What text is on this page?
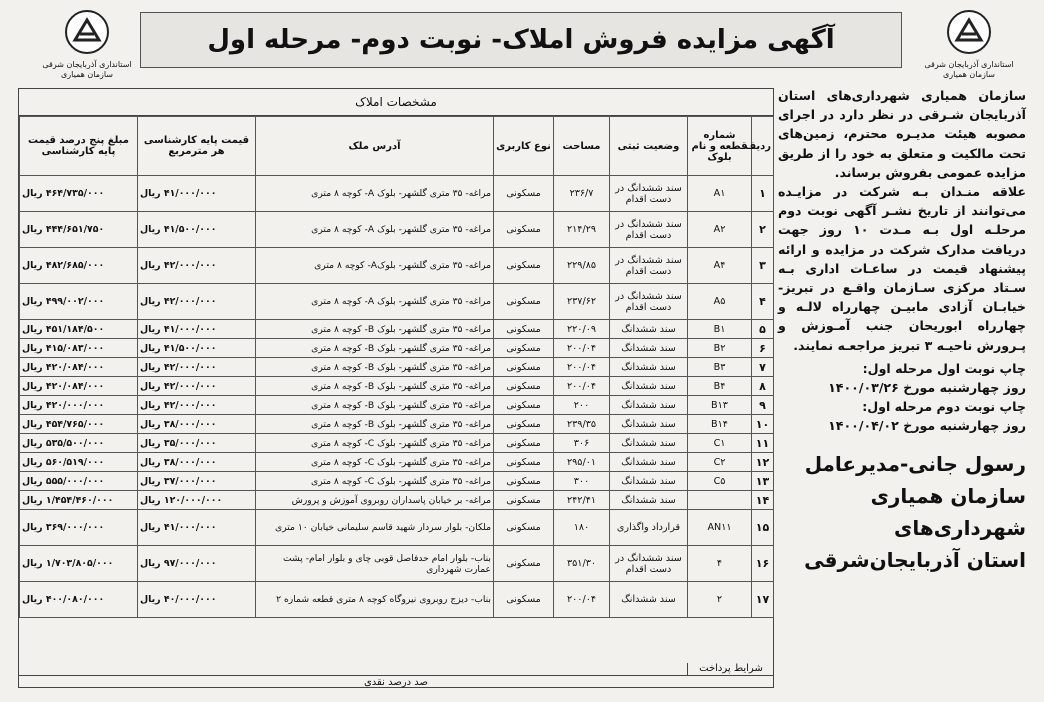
استانداری آذربایجان شرقی
سازمان همیاری
استانداری آذربایجان شرقی
سازمان همیاری
آگهی مزایده فروش املاک- نوبت دوم- مرحله اول

سازمان همیاری شهرداری‌های استان آذربایجان شـرقی در نظر دارد در اجرای مصوبه هیئت مدیـره محترم، زمین‌های تحت مالکیت و متعلق به خود را از طریق مزایده عمومی بفروش برساند.

علاقه منـدان بـه شرکت در مزایـده می‌توانند از تاریخ نشـر آگهی نوبت دوم مرحلـه اول بـه مـدت ۱۰ روز جهت دریافت مدارک شرکت در مزایده و ارائه پیشنهاد قیمت در ساعـات اداری بـه سـتاد مرکزی سـازمان واقـع در تبریز- خیابـان آزادی مابیـن چهارراه لالـه و چهارراه ابوریحان جنب آمـوزش و پـرورش ناحیـه ۳ تبریز مراجعـه نمایند.

چاپ نوبت اول مرحله اول:
روز چهارشنبه مورخ ۱۴۰۰/۰۳/۲۶
چاپ نوبت دوم مرحله اول:
روز چهارشنبه مورخ ۱۴۰۰/۰۴/۰۲
رسول جانی-مدیرعامل
سازمان همیاری شهرداری‌های
استان آذربایجان‌شرقی
مشخصات املاک
ردیف	شماره قطعه و نام بلوک	وضعیت ثبتی	مساحت	نوع کاربری	آدرس ملک	قیمت پایه کارشناسی هر مترمربع	مبلغ پنج درصد قیمت پایه کارشناسی
۱	A۱	سند ششدانگ در دست اقدام	۲۳۶/۷	مسکونی	مراغه- ۳۵ متری گلشهر- بلوک A- کوچه ۸ متری	۴۱/۰۰۰/۰۰۰ ریال	۴۶۴/۷۳۵/۰۰۰ ریال
۲	A۲	سند ششدانگ در دست اقدام	۲۱۴/۲۹	مسکونی	مراغه- ۳۵ متری گلشهر- بلوک A- کوچه ۸ متری	۴۱/۵۰۰/۰۰۰ ریال	۴۴۴/۶۵۱/۷۵۰ ریال
۳	A۴	سند ششدانگ در دست اقدام	۲۲۹/۸۵	مسکونی	مراغه- ۳۵ متری گلشهر- بلوکA- کوچه ۸ متری	۴۲/۰۰۰/۰۰۰ ریال	۴۸۲/۶۸۵/۰۰۰ ریال
۴	A۵	سند ششدانگ در دست اقدام	۲۳۷/۶۲	مسکونی	مراغه- ۳۵ متری گلشهر- بلوک A- کوچه ۸ متری	۴۲/۰۰۰/۰۰۰ ریال	۴۹۹/۰۰۲/۰۰۰ ریال
۵	B۱	سند ششدانگ	۲۲۰/۰۹	مسکونی	مراغه- ۳۵ متری گلشهر- بلوک B- کوچه ۸ متری	۴۱/۰۰۰/۰۰۰ ریال	۴۵۱/۱۸۴/۵۰۰ ریال
۶	B۲	سند ششدانگ	۲۰۰/۰۴	مسکونی	مراغه- ۳۵ متری گلشهر- بلوک B- کوچه ۸ متری	۴۱/۵۰۰/۰۰۰ ریال	۴۱۵/۰۸۳/۰۰۰ ریال
۷	B۳	سند ششدانگ	۲۰۰/۰۴	مسکونی	مراغه- ۳۵ متری گلشهر- بلوک B- کوچه ۸ متری	۴۲/۰۰۰/۰۰۰ ریال	۴۲۰/۰۸۴/۰۰۰ ریال
۸	B۴	سند ششدانگ	۲۰۰/۰۴	مسکونی	مراغه- ۳۵ متری گلشهر- بلوک B- کوچه ۸ متری	۴۲/۰۰۰/۰۰۰ ریال	۴۲۰/۰۸۴/۰۰۰ ریال
۹	B۱۳	سند ششدانگ	۲۰۰	مسکونی	مراغه- ۳۵ متری گلشهر- بلوک B- کوچه ۸ متری	۴۲/۰۰۰/۰۰۰ ریال	۴۲۰/۰۰۰/۰۰۰ ریال
۱۰	B۱۴	سند ششدانگ	۲۳۹/۳۵	مسکونی	مراغه- ۳۵ متری گلشهر- بلوک B- کوچه ۸ متری	۳۸/۰۰۰/۰۰۰ ریال	۴۵۴/۷۶۵/۰۰۰ ریال
۱۱	C۱	سند ششدانگ	۳۰۶	مسکونی	مراغه- ۳۵ متری گلشهر- بلوک C- کوچه ۸ متری	۳۵/۰۰۰/۰۰۰ ریال	۵۳۵/۵۰۰/۰۰۰ ریال
۱۲	C۲	سند ششدانگ	۲۹۵/۰۱	مسکونی	مراغه- ۳۵ متری گلشهر- بلوک C- کوچه ۸ متری	۳۸/۰۰۰/۰۰۰ ریال	۵۶۰/۵۱۹/۰۰۰ ریال
۱۳	C۵	سند ششدانگ	۳۰۰	مسکونی	مراغه- ۳۵ متری گلشهر- بلوک C- کوچه ۸ متری	۳۷/۰۰۰/۰۰۰ ریال	۵۵۵/۰۰۰/۰۰۰ ریال
۱۴		سند ششدانگ	۲۴۲/۴۱	مسکونی	مراغه- بر خیابان پاسداران روبروی آموزش و پرورش	۱۲۰/۰۰۰/۰۰۰ ریال	۱/۴۵۴/۴۶۰/۰۰۰ ریال
۱۵	AN۱۱	قرارداد واگذاری	۱۸۰	مسکونی	ملکان- بلوار سردار شهید قاسم سلیمانی خیابان ۱۰ متری	۴۱/۰۰۰/۰۰۰ ریال	۳۶۹/۰۰۰/۰۰۰ ریال
۱۶	۴	سند ششدانگ در دست اقدام	۳۵۱/۳۰	مسکونی	بناب- بلوار امام حدفاصل قوبی چای و بلوار امام- پشت عمارت شهرداری	۹۷/۰۰۰/۰۰۰ ریال	۱/۷۰۳/۸۰۵/۰۰۰ ریال
۱۷	۲	سند ششدانگ	۲۰۰/۰۴	مسکونی	بناب- دیزج روبروی نیروگاه کوچه ۸ متری قطعه شماره ۲	۴۰/۰۰۰/۰۰۰ ریال	۴۰۰/۰۸۰/۰۰۰ ریال
شرایط پرداخت
صد درصد نقدی
